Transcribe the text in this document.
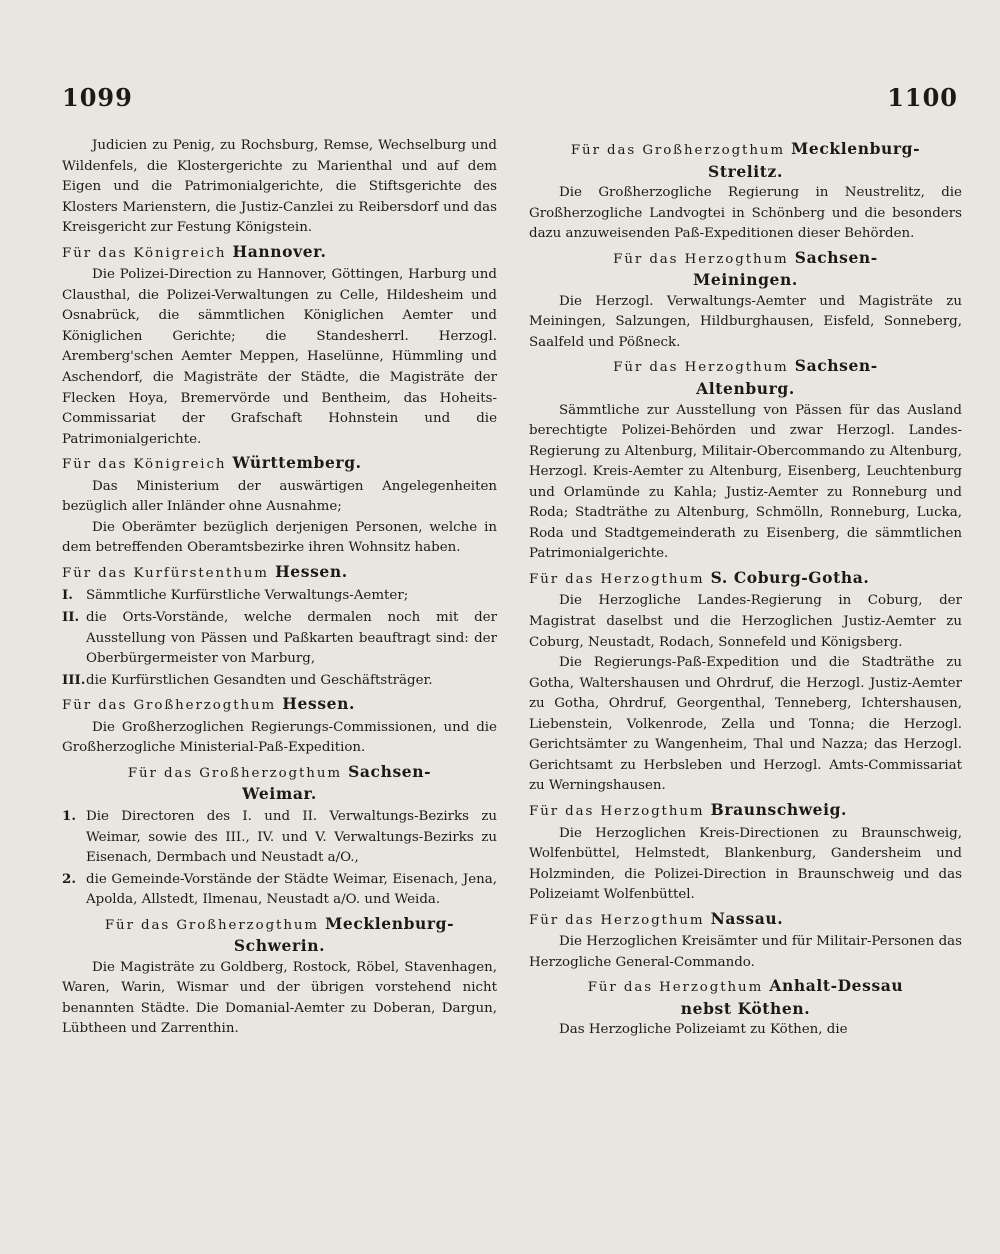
1099	1100

Judicien zu Penig, zu Rochsburg, Remse, Wechselburg und Wildenfels, die Klostergerichte zu Marienthal und auf dem Eigen und die Patrimonialgerichte, die Stiftsgerichte des Klosters Marienstern, die Justiz-Canzlei zu Reibersdorf und das Kreisgericht zur Festung Königstein.

Für das Königreich Hannover.

Die Polizei-Direction zu Hannover, Göttingen, Harburg und Clausthal, die Polizei-Verwaltungen zu Celle, Hildesheim und Osnabrück, die sämmtlichen Königlichen Aemter und Königlichen Gerichte; die Standesherrl. Herzogl. Aremberg'schen Aemter Meppen, Haselünne, Hümmling und Aschendorf, die Magisträte der Städte, die Magisträte der Flecken Hoya, Bremervörde und Bentheim, das Hoheits-Commissariat der Grafschaft Hohnstein und die Patrimonialgerichte.

Für das Königreich Württemberg.

Das Ministerium der auswärtigen Angelegenheiten bezüglich aller Inländer ohne Ausnahme;

Die Oberämter bezüglich derjenigen Personen, welche in dem betreffenden Oberamtsbezirke ihren Wohnsitz haben.

Für das Kurfürstenthum Hessen.
I. Sämmtliche Kurfürstliche Verwaltungs-Aemter;
II. die Orts-Vorstände, welche dermalen noch mit der Ausstellung von Pässen und Paßkarten beauftragt sind: der Oberbürgermeister von Marburg,
III.die Kurfürstlichen Gesandten und Geschäftsträger.
Für das Großherzogthum Hessen.

Die Großherzoglichen Regierungs-Commissionen, und die Großherzogliche Ministerial-Paß-Expedition.

Für das Großherzogthum Sachsen-
Weimar.
1. Die Directoren des I. und II. Verwaltungs-Bezirks zu Weimar, sowie des III., IV. und V. Verwaltungs-Bezirks zu Eisenach, Dermbach und Neustadt a/O.,
2. die Gemeinde-Vorstände der Städte Weimar, Eisenach, Jena, Apolda, Allstedt, Ilmenau, Neustadt a/O. und Weida.
Für das Großherzogthum Mecklenburg-
Schwerin.

Die Magisträte zu Goldberg, Rostock, Röbel, Stavenhagen, Waren, Warin, Wismar und der übrigen vorstehend nicht benannten Städte. Die Domanial-Aemter zu Doberan, Dargun, Lübtheen und Zarrenthin.

Für das Großherzogthum Mecklenburg-
Strelitz.

Die Großherzogliche Regierung in Neustrelitz, die Großherzogliche Landvogtei in Schönberg und die besonders dazu anzuweisenden Paß-Expeditionen dieser Behörden.

Für das Herzogthum Sachsen-
Meiningen.

Die Herzogl. Verwaltungs-Aemter und Magisträte zu Meiningen, Salzungen, Hildburghausen, Eisfeld, Sonneberg, Saalfeld und Pößneck.

Für das Herzogthum Sachsen-
Altenburg.

Sämmtliche zur Ausstellung von Pässen für das Ausland berechtigte Polizei-Behörden und zwar Herzogl. Landes-Regierung zu Altenburg, Militair-Obercommando zu Altenburg, Herzogl. Kreis-Aemter zu Altenburg, Eisenberg, Leuchtenburg und Orlamünde zu Kahla; Justiz-Aemter zu Ronneburg und Roda; Stadträthe zu Altenburg, Schmölln, Ronneburg, Lucka, Roda und Stadtgemeinderath zu Eisenberg, die sämmtlichen Patrimonialgerichte.

Für das Herzogthum S. Coburg-Gotha.

Die Herzogliche Landes-Regierung in Coburg, der Magistrat daselbst und die Herzoglichen Justiz-Aemter zu Coburg, Neustadt, Rodach, Sonnefeld und Königsberg.

Die Regierungs-Paß-Expedition und die Stadträthe zu Gotha, Waltershausen und Ohrdruf, die Herzogl. Justiz-Aemter zu Gotha, Ohrdruf, Georgenthal, Tenneberg, Ichtershausen, Liebenstein, Volkenrode, Zella und Tonna; die Herzogl. Gerichtsämter zu Wangenheim, Thal und Nazza; das Herzogl. Gerichtsamt zu Herbsleben und Herzogl. Amts-Commissariat zu Werningshausen.

Für das Herzogthum Braunschweig.

Die Herzoglichen Kreis-Directionen zu Braunschweig, Wolfenbüttel, Helmstedt, Blankenburg, Gandersheim und Holzminden, die Polizei-Direction in Braunschweig und das Polizeiamt Wolfenbüttel.

Für das Herzogthum Nassau.

Die Herzoglichen Kreisämter und für Militair-Personen das Herzogliche General-Commando.

Für das Herzogthum Anhalt-Dessau
nebst Köthen.

Das Herzogliche Polizeiamt zu Köthen, die
